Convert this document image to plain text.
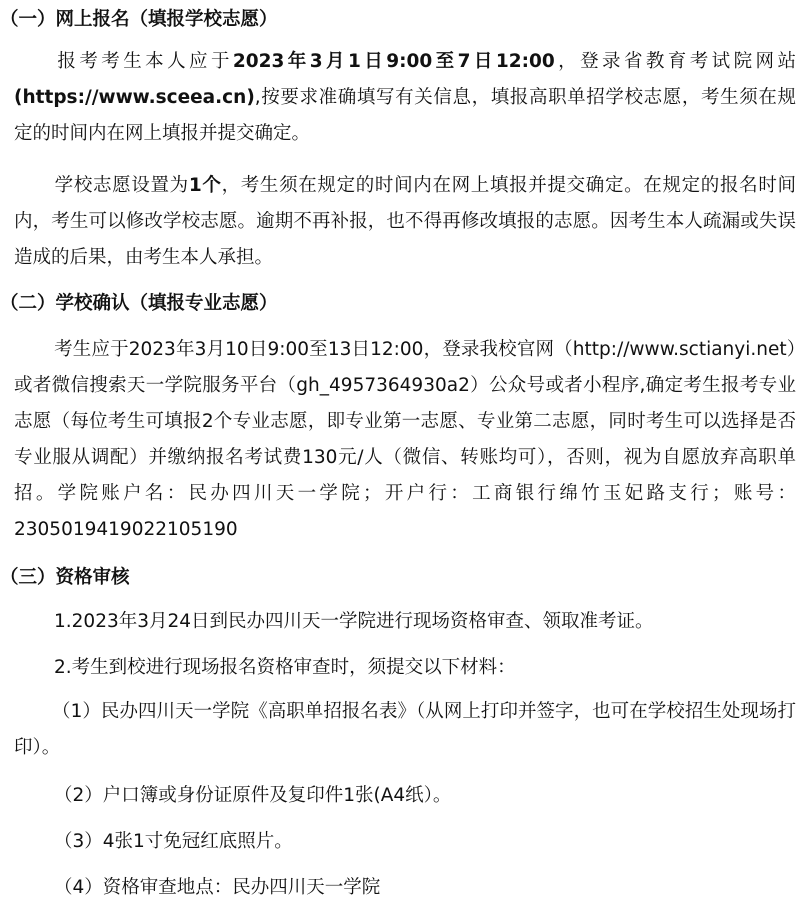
（一）网上报名（填报学校志愿）
报考考生本人应于2023年3月1日9:00至7日12:00，登录省教育考试院网站(https://www.sceea.cn),按要求准确填写有关信息，填报高职单招学校志愿，考生须在规定的时间内在网上填报并提交确定。
学校志愿设置为1个，考生须在规定的时间内在网上填报并提交确定。在规定的报名时间内，考生可以修改学校志愿。逾期不再补报，也不得再修改填报的志愿。因考生本人疏漏或失误造成的后果，由考生本人承担。
（二）学校确认（填报专业志愿）
考生应于2023年3月10日9:00至13日12:00，登录我校官网（http://www.sctianyi.net）或者微信搜索天一学院服务平台（gh_4957364930a2）公众号或者小程序,确定考生报考专业志愿（每位考生可填报2个专业志愿，即专业第一志愿、专业第二志愿，同时考生可以选择是否专业服从调配）并缴纳报名考试费130元/人（微信、转账均可），否则，视为自愿放弃高职单招。学院账户名：民办四川天一学院；开户行：工商银行绵竹玉妃路支行；账号：2305019419022105190
（三）资格审核
1.2023年3月24日到民办四川天一学院进行现场资格审查、领取准考证。
2.考生到校进行现场报名资格审查时，须提交以下材料：
（1）民办四川天一学院《高职单招报名表》（从网上打印并签字，也可在学校招生处现场打印）。
（2）户口簿或身份证原件及复印件1张(A4纸）。
（3）4张1寸免冠红底照片。
（4）资格审查地点：民办四川天一学院
